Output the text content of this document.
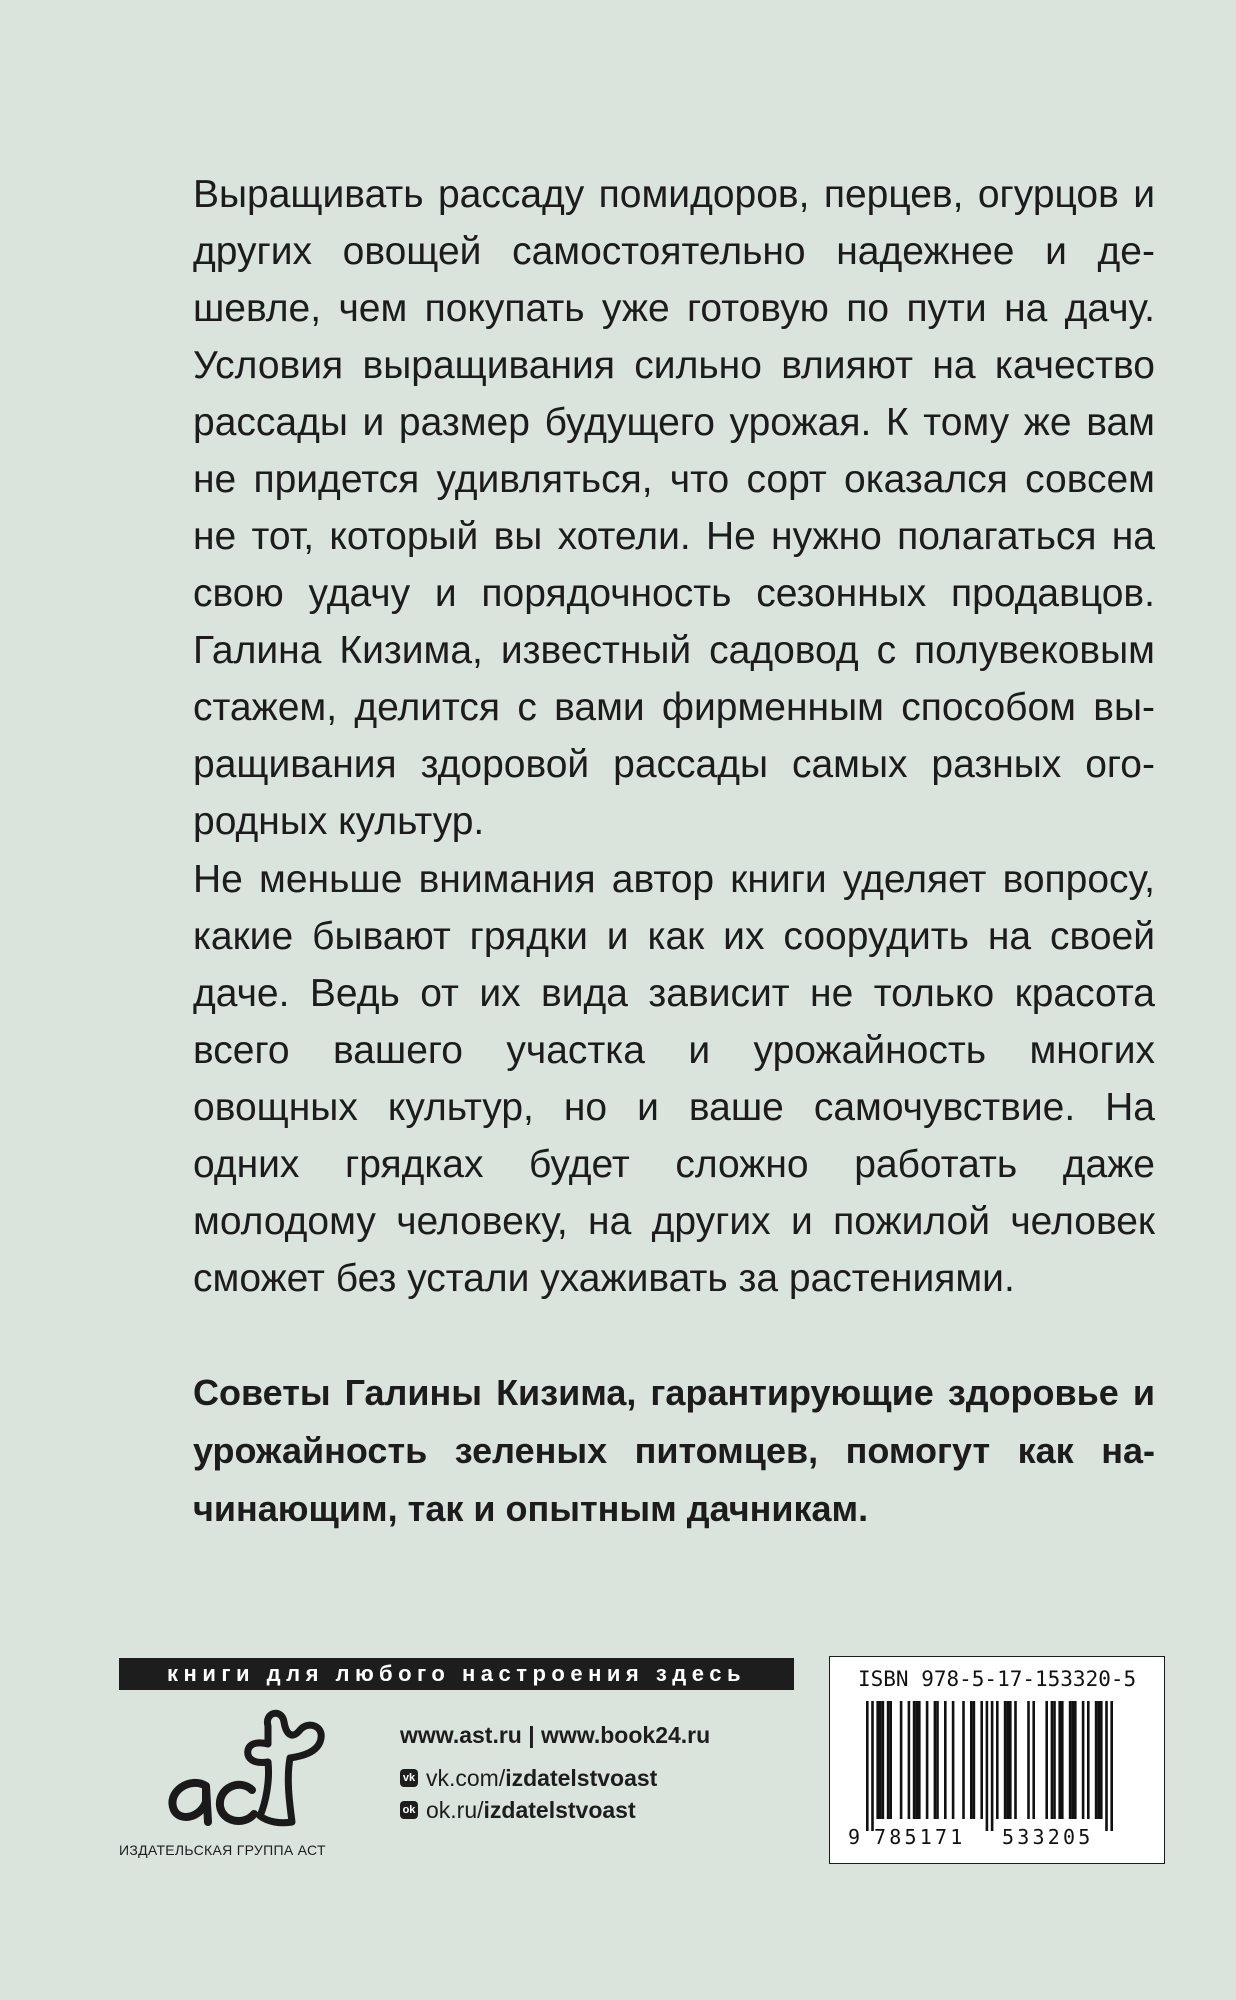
Выращивать рассаду помидоров, перцев, огурцов и других овощей самостоятельно надежнее и дешевле, чем покупать уже готовую по пути на дачу. Условия выращивания сильно влияют на качество рассады и размер будущего урожая. К тому же вам не придется удивляться, что сорт оказался совсем не тот, который вы хотели. Не нужно полагаться на свою удачу и порядочность сезонных продавцов. Галина Кизима, известный садовод с полувековым стажем, делится с вами фирменным способом выращивания здоровой рассады самых разных огородных культур.

Не меньше внимания автор книги уделяет вопросу, какие бывают грядки и как их соорудить на своей даче. Ведь от их вида зависит не только красота всего вашего участка и урожайность многих овощных культур, но и ваше самочувствие. На одних грядках будет сложно работать даже молодому человеку, на других и пожилой человек сможет без устали ухаживать за растениями.

Советы Галины Кизима, гарантирующие здоровье и урожайность зеленых питомцев, помогут как начинающим, так и опытным дачникам.

книги для любого настроения здесь
ИЗДАТЕЛЬСКАЯ ГРУППА АСТ
www.ast.ru | www.book24.ru
vk vk.com/ izdatelstvoast
ok ok.ru/ izdatelstvoast
ISBN 978-5-17-153320-5
9 785171 533205
